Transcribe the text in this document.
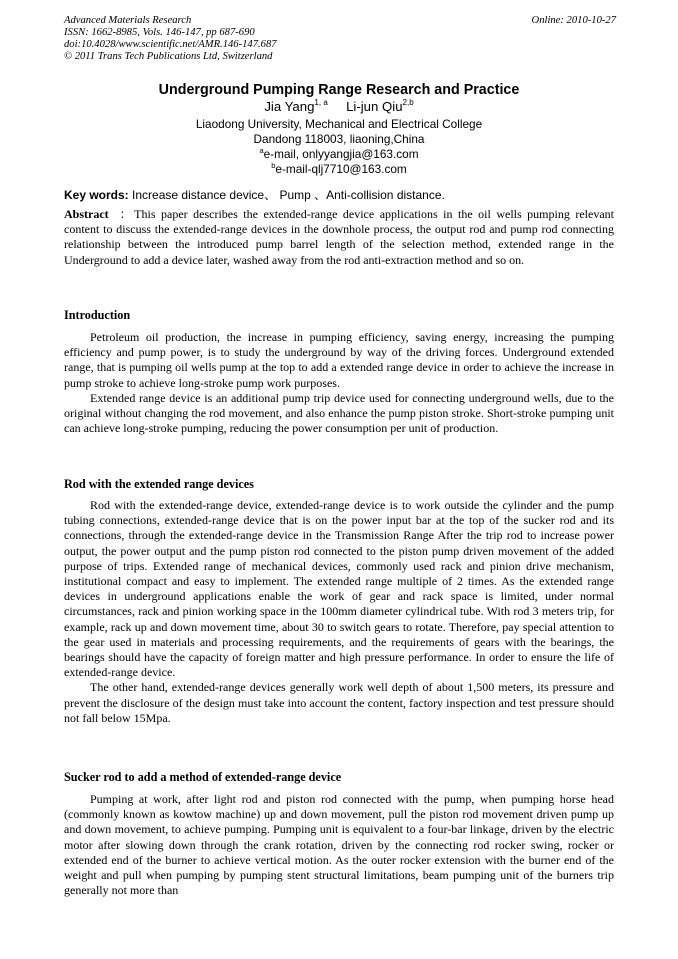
Advanced Materials Research
ISSN: 1662-8985, Vols. 146-147, pp 687-690
doi:10.4028/www.scientific.net/AMR.146-147.687
© 2011 Trans Tech Publications Ltd, Switzerland
Online: 2010-10-27
Underground Pumping Range Research and Practice
Jia Yang$^{1, a}$ Li-jun Qiu$^{2,b}$
Liaodong University, Mechanical and Electrical College
Dandong 118003, liaoning,China
$^a$e-mail, onlyyangjia@163.com
$^b$e-mail-qlj7710@163.com
Key words: Increase distance device、 Pump 、Anti-collision distance.

Abstract ：This paper describes the extended-range device applications in the oil wells pumping relevant content to discuss the extended-range devices in the downhole process, the output rod and pump rod connecting relationship between the introduced pump barrel length of the selection method, extended range in the Underground to add a device later, washed away from the rod anti-extraction method and so on.

Introduction

Petroleum oil production, the increase in pumping efficiency, saving energy, increasing the pumping efficiency and pump power, is to study the underground by way of the driving forces. Underground extended range, that is pumping oil wells pump at the top to add a extended range device in order to achieve the increase in pump stroke to achieve long-stroke pump work purposes.

Extended range device is an additional pump trip device used for connecting underground wells, due to the original without changing the rod movement, and also enhance the pump piston stroke. Short-stroke pumping unit can achieve long-stroke pumping, reducing the power consumption per unit of production.

Rod with the extended range devices

Rod with the extended-range device, extended-range device is to work outside the cylinder and the pump tubing connections, extended-range device that is on the power input bar at the top of the sucker rod and its connections, through the extended-range device in the Transmission Range After the trip rod to increase power output, the power output and the pump piston rod connected to the piston pump driven movement of the added purpose of trips. Extended range of mechanical devices, commonly used rack and pinion drive mechanism, institutional compact and easy to implement. The extended range multiple of 2 times. As the extended range devices in underground applications enable the work of gear and rack space is limited, under normal circumstances, rack and pinion working space in the 100mm diameter cylindrical tube. With rod 3 meters trip, for example, rack up and down movement time, about 30 to switch gears to rotate. Therefore, pay special attention to the gear used in materials and processing requirements, and the requirements of gears with the bearings, the bearings should have the capacity of foreign matter and high pressure performance. In order to ensure the life of extended-range device.

The other hand, extended-range devices generally work well depth of about 1,500 meters, its pressure and prevent the disclosure of the design must take into account the content, factory inspection and test pressure should not fall below 15Mpa.

Sucker rod to add a method of extended-range device

Pumping at work, after light rod and piston rod connected with the pump, when pumping horse head (commonly known as kowtow machine) up and down movement, pull the piston rod movement driven pump up and down movement, to achieve pumping. Pumping unit is equivalent to a four-bar linkage, driven by the electric motor after slowing down through the crank rotation, driven by the connecting rod rocker swing, rocker or extended end of the burner to achieve vertical motion. As the outer rocker extension with the burner end of the weight and pull when pumping by pumping stent structural limitations, beam pumping unit of the burners trip generally not more than
